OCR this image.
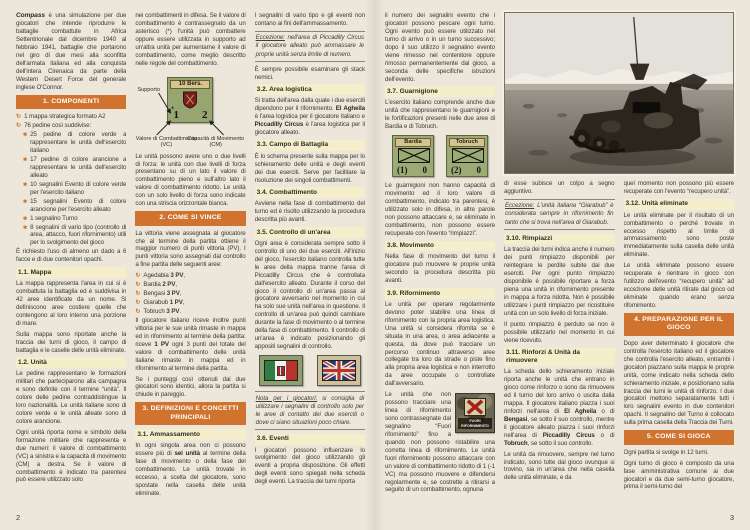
Compass è una simulazione per due giocatori che intende riprodurre le battaglie combattute in Africa Settentrionale dal dicembre 1940 al febbraio 1941, battaglie che portarono nel giro di due mesi alla sconfitta dell'armata italiana ed alla conquista dell'intera Cirenaica da parte della Western Desert Force del generale inglese O'Connor.
1. COMPONENTI
↻ 1 mappa strategica formato A2
↻ 76 pedine così suddivise:
✱ 25 pedine di colore verde a rappresentare le unità dell'esercito italiano
✱ 17 pedine di colore arancione a rappresentare le unità dell'esercito alleato
✱ 10 segnalini Evento di colore verde per l'esercito italiano
✱ 15 segnalini Evento di colore arancione per l'esercito alleato
✱ 1 segnalino Turno
✱ 8 segnalini di vario tipo (controllo di area, attacco, fuori rifornimento) utili per lo svolgimento del gioco
È richiesto l'uso di almeno un dado a 6 facce e di due contenitori opachi.
1.1. Mappa
La mappa rappresenta l'area in cui si è combattuta la battaglia ed è suddivisa in 42 aree identificate da un nome. Si definiscono aree costiere quelle che contengono al loro interno una porzione di mare.
Sulla mappa sono riportate anche la traccia dei turni di gioco, il campo di battaglia e le caselle delle unità eliminate.
1.2. Unità
Le pedine rappresentano le formazioni militari che parteciparono alla campagna e sono definite con il termine “unità”. Il colore delle pedine contraddistingue la loro nazionalità. Le unità italiane sono di colore verde e le unità alleate sono di colore arancione.
Ogni unità riporta nome e simbolo della formazione militare che rappresenta e due numeri: il valore di combattimento (VC) a sinistra e la capacità di movimento (CM) a destra. Se il valore di combattimento è indicato tra parentesi può essere utilizzato solo
nei combattimenti in difesa. Se il valore di combattimento è contrassegnato da un asterisco (*) l'unità può combattere oppure essere utilizzata in supporto ad un'altra unità per aumentarne il valore di combattimento, come meglio descritto nelle regole del combattimento.
10 Bers.
* 1 2
Supporto
Valore di Combattimento (VC)
Capacità di Movimento (CM)
Le unità possono avere uno o due livelli di forza: le unità con due livelli di forza presentano su di un lato il valore di combattimento pieno e sull'altro lato il valore di combattimento ridotto. Le unità con un solo livello di forza sono indicate con una striscia orizzontale bianca.
2. COME SI VINCE
La vittoria viene assegnata al giocatore che al termine della partita ottiene il maggior numero di punti vittoria (PV). I punti vittoria sono assegnati dal controllo a fine partita delle seguenti aree:
↻ Agedabia 3 PV,
↻ Bardia 2 PV,
↻ Bengasi 3 PV,
↻ Giarabub 1 PV,
↻ Tobruch 3 PV.
Il giocatore italiano riceve inoltre punti vittoria per le sue unità rimaste in mappa ed in rifornimento al termine della partita: riceve 1 PV ogni 3 punti del totale del valore di combattimento delle unità italiane rimaste in mappa ed in rifornimento al termine della partita.
Se i punteggi così ottenuti dai due giocatori sono identici, allora la partita si chiude in pareggio.
3. DEFINIZIONI E CONCETTI PRINCIPALI
3.1. Ammassamento
In ogni singola area non ci possono essere più di sei unità al termine della fase di movimento o della fase del combattimento. Le unità trovate in eccesso, a scelta del giocatore, sono spostate nella casella delle unità eliminate.
I segnalini di vario tipo e gli eventi non contano ai fini dell'ammassamento.
Eccezione: nell'area di Piccadilly Circus il giocatore alleato può ammassare le proprie unità senza limite di numero.
È sempre possibile esaminare gli stack nemici.
3.2. Area logistica
Si tratta dell'area dalla quale i due eserciti dipendono per il rifornimento. El Agheila è l'area logistica per il giocatore italiano e Piccadilly Circus è l'area logistica per il giocatore alleato.
3.3. Campo di Battaglia
È lo schema presente sulla mappa per lo schieramento delle unità e degli eventi dei due eserciti. Serve per facilitare la risoluzione dei singoli combattimenti.
3.4. Combattimento
Avviene nella fase di combattimento del turno ed è risolto utilizzando la procedura descritta più avanti.
3.5. Controllo di un'area
Ogni area è considerata sempre sotto il controllo di uno dei due eserciti. All'inizio del gioco, l'esercito italiano controlla tutte le aree della mappa tranne l'area di Piccadilly Circus che è controllata dall'esercito alleato. Durante il corso del gioco il controllo di un'area passa al giocatore avversario nel momento in cui ha solo sue unità nell'area in questione. Il controllo di un'area può quindi cambiare durante la fase di movimento o al termine della fase di combattimento. Il controllo di un'area è indicato posizionando gli appositi segnalini di controllo.
Nota per i giocatori: si consiglia di utilizzare i segnalini di controllo solo per le aree di contatto dei due eserciti o dove ci siano situazioni poco chiare.
3.6. Eventi
I giocatori possono influenzare lo svolgimento del gioco utilizzando gli eventi a propria disposizione. Gli effetti degli eventi sono spiegati nella scheda degli eventi. La traccia dei turni riporta
2
il numero dei segnalini evento che i giocatori possono pescare ogni turno. Ogni evento può essere utilizzato nel turno di arrivo o in un turno successivo; dopo il suo utilizzo il segnalino evento viene rimesso nel contenitore oppure rimosso permanentemente dal gioco, a seconda delle specifiche istruzioni dell'evento.
3.7. Guarnigione
L'esercito italiano comprende anche due unità che rappresentano le guarnigioni e le fortificazioni presenti nelle due aree di Bardia e di Tobruch.
Bardia
(1) 0
Tobruch
(2) 0
Le guarnigioni non hanno capacità di movimento ed il loro valore di combattimento, indicato tra parentesi, è utilizzato solo in difesa, in altre parole non possono attaccare e, se eliminate in combattimento, non possono essere recuperate con l'evento “rimpiazzi”.
3.8. Movimento
Nella fase di movimento del turno il giocatore può muovere le proprie unità secondo la procedura descritta più avanti.
3.9. Rifornimento
Le unità per operare regolarmente devono poter stabilire una linea di rifornimento con la propria area logistica. Una unità si considera rifornita se è situata in una area, o area adiacente a questa, da dove può tracciare un percorso continuo attraverso aree collegate tra loro da strade o piste fino alla propria area logistica e non interrotto da aree occupate o controllate dall'avversario.
FUORI
RIFORNIMENTO
Le unità che non possono tracciare una linea di rifornimento sono contrassegnate dal segnalino “Fuori rifornimento” fino a quando non possono ristabilire una corretta linea di rifornimento. Le unità fuori rifornimento possono attaccare con un valore di combattimento ridotto di 1 (-1 VC) ma possono muovere e difendersi regolarmente e, se costrette a ritirarsi a seguito di un combattimento, ognuna
di esse subisce un colpo a segno aggiuntivo.
Eccezione: L'unità italiana “Giarabub” è considerata sempre in rifornimento fin tanto che si trova nell'area di Giarabub.
3.10. Rimpiazzi
La traccia dei turni indica anche il numero dei punti rimpiazzo disponibili per reintegrare le perdite subite dai due eserciti. Per ogni punto rimpiazzo disponibile è possibile riportare a forza piena una unità in rifornimento presente in mappa a forza ridotta. Non è possibile utilizzare i punti rimpiazzo per ricostituire unità con un solo livello di forza iniziale.
Il punto rimpiazzo è perduto se non è possibile utilizzarlo nel momento in cui viene ricevuto.
3.11. Rinforzi & Unità da rimuovere
La scheda dello schieramento iniziale riporta anche le unità che entrano in gioco come rinforzo o sono da rimuovere ed il turno del loro arrivo o uscita dalla mappa. Il giocatore italiano piazza i suoi rinforzi nell'area di El Agheila o di Bengasi, se sotto il suo controllo, mentre il giocatore alleato piazza i suoi rinforzi nell'area di Piccadilly Circus o di Tobruch, se sotto il suo controllo.
Le unità da rimuovere, sempre nel turno indicato, sono tolte dal gioco ovunque si trovino, sia in un'area che nella casella delle unità eliminate, e da
quel momento non possono più essere recuperate con l'evento “recupero unità”.
3.12. Unità eliminate
Le unità eliminate per il risultato di un combattimento o perché trovate in eccesso rispetto al limite di ammassamento sono poste immediatamente sulla casella delle unità eliminate.
Le unità eliminate possono essere recuperate e rientrare in gioco con l'utilizzo dell'evento “recupero unità” ad eccezione delle unità ritirate dal gioco od eliminate quando erano senza rifornimento.
4. PREPARAZIONE PER IL GIOCO
Dopo aver determinato il giocatore che controlla l'esercito italiano ed il giocatore che controlla l'esercito alleato, entrambi i giocatori piazzano sulla mappa le proprie unità, come indicato nella scheda dello schieramento iniziale, e posizionano sulla traccia dei turni le unità di rinforzo. I due giocatori mettono separatamente tutti i loro segnalini evento in due contenitori opachi. Il segnalino del Turno è collocato sulla prima casella della Traccia dei Turni.
5. COME SI GIOCA
Ogni partita si svolge in 12 turni.
Ogni turno di gioco è composto da una fase amministrativa comune ai due giocatori e da due semi-turno giocatore, prima il semi-turno del
3
